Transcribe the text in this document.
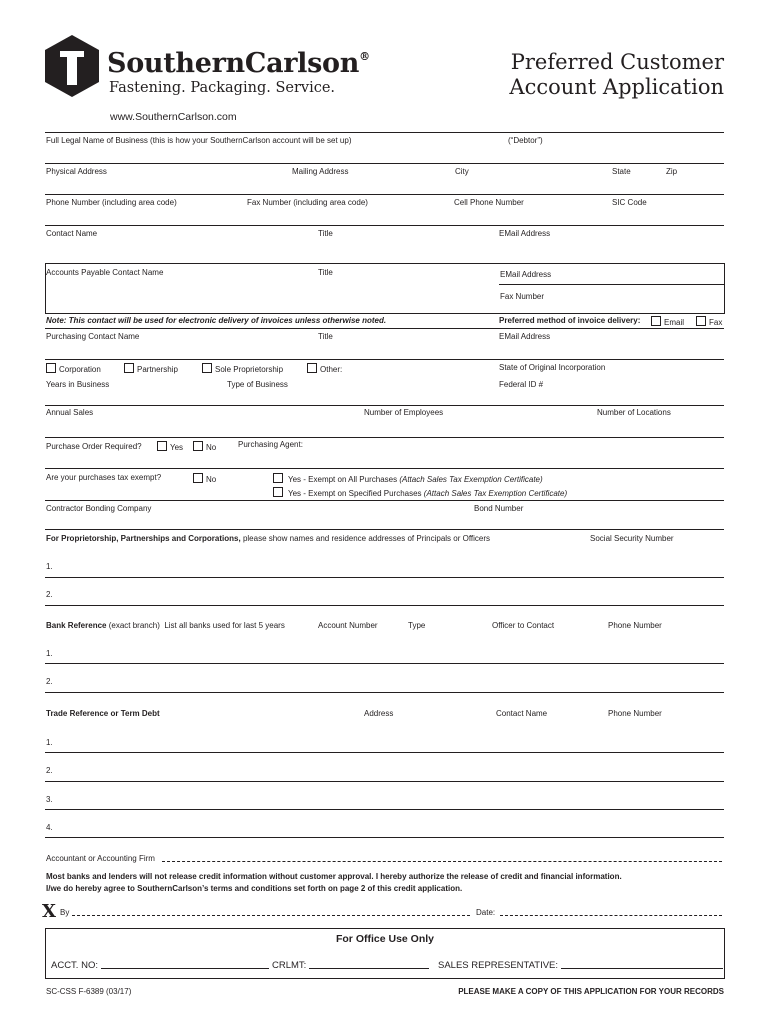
SouthernCarlson®
Fastening. Packaging. Service.
Preferred Customer
Account Application
www.SouthernCarlson.com
Full Legal Name of Business (this is how your SouthernCarlson account will be set up)	(“Debtor”)
Physical Address	Mailing Address	City	State	Zip
Phone Number (including area code)	Fax Number (including area code)	Cell Phone Number	SIC Code
Contact Name	Title	EMail Address
Accounts Payable Contact Name	Title	EMail Address
Fax Number
Note: This contact will be used for electronic delivery of invoices unless otherwise noted.	Preferred method of invoice delivery:	Email	Fax
Purchasing Contact Name	Title	EMail Address
Corporation	Partnership	Sole Proprietorship	Other:	State of Original Incorporation
Years in Business	Type of Business	Federal ID #
Annual Sales	Number of Employees	Number of Locations
Purchase Order Required?	Yes	No	Purchasing Agent:
Are your purchases tax exempt?	No	Yes - Exempt on All Purchases (Attach Sales Tax Exemption Certificate)
Yes - Exempt on Specified Purchases (Attach Sales Tax Exemption Certificate)
Contractor Bonding Company	Bond Number
For Proprietorship, Partnerships and Corporations, please show names and residence addresses of Principals or Officers	Social Security Number
1.
2.
Bank Reference (exact branch) List all banks used for last 5 years	Account Number	Type	Officer to Contact	Phone Number
1.
2.
Trade Reference or Term Debt	Address	Contact Name	Phone Number
1.
2.
3.
4.
Accountant or Accounting Firm
Most banks and lenders will not release credit information without customer approval. I hereby authorize the release of credit and financial information.
I/we do hereby agree to SouthernCarlson’s terms and conditions set forth on page 2 of this credit application.
X By	Date:
For Office Use Only
ACCT. NO:	CRLMT:	SALES REPRESENTATIVE:
SC-CSS F-6389 (03/17)	PLEASE MAKE A COPY OF THIS APPLICATION FOR YOUR RECORDS
